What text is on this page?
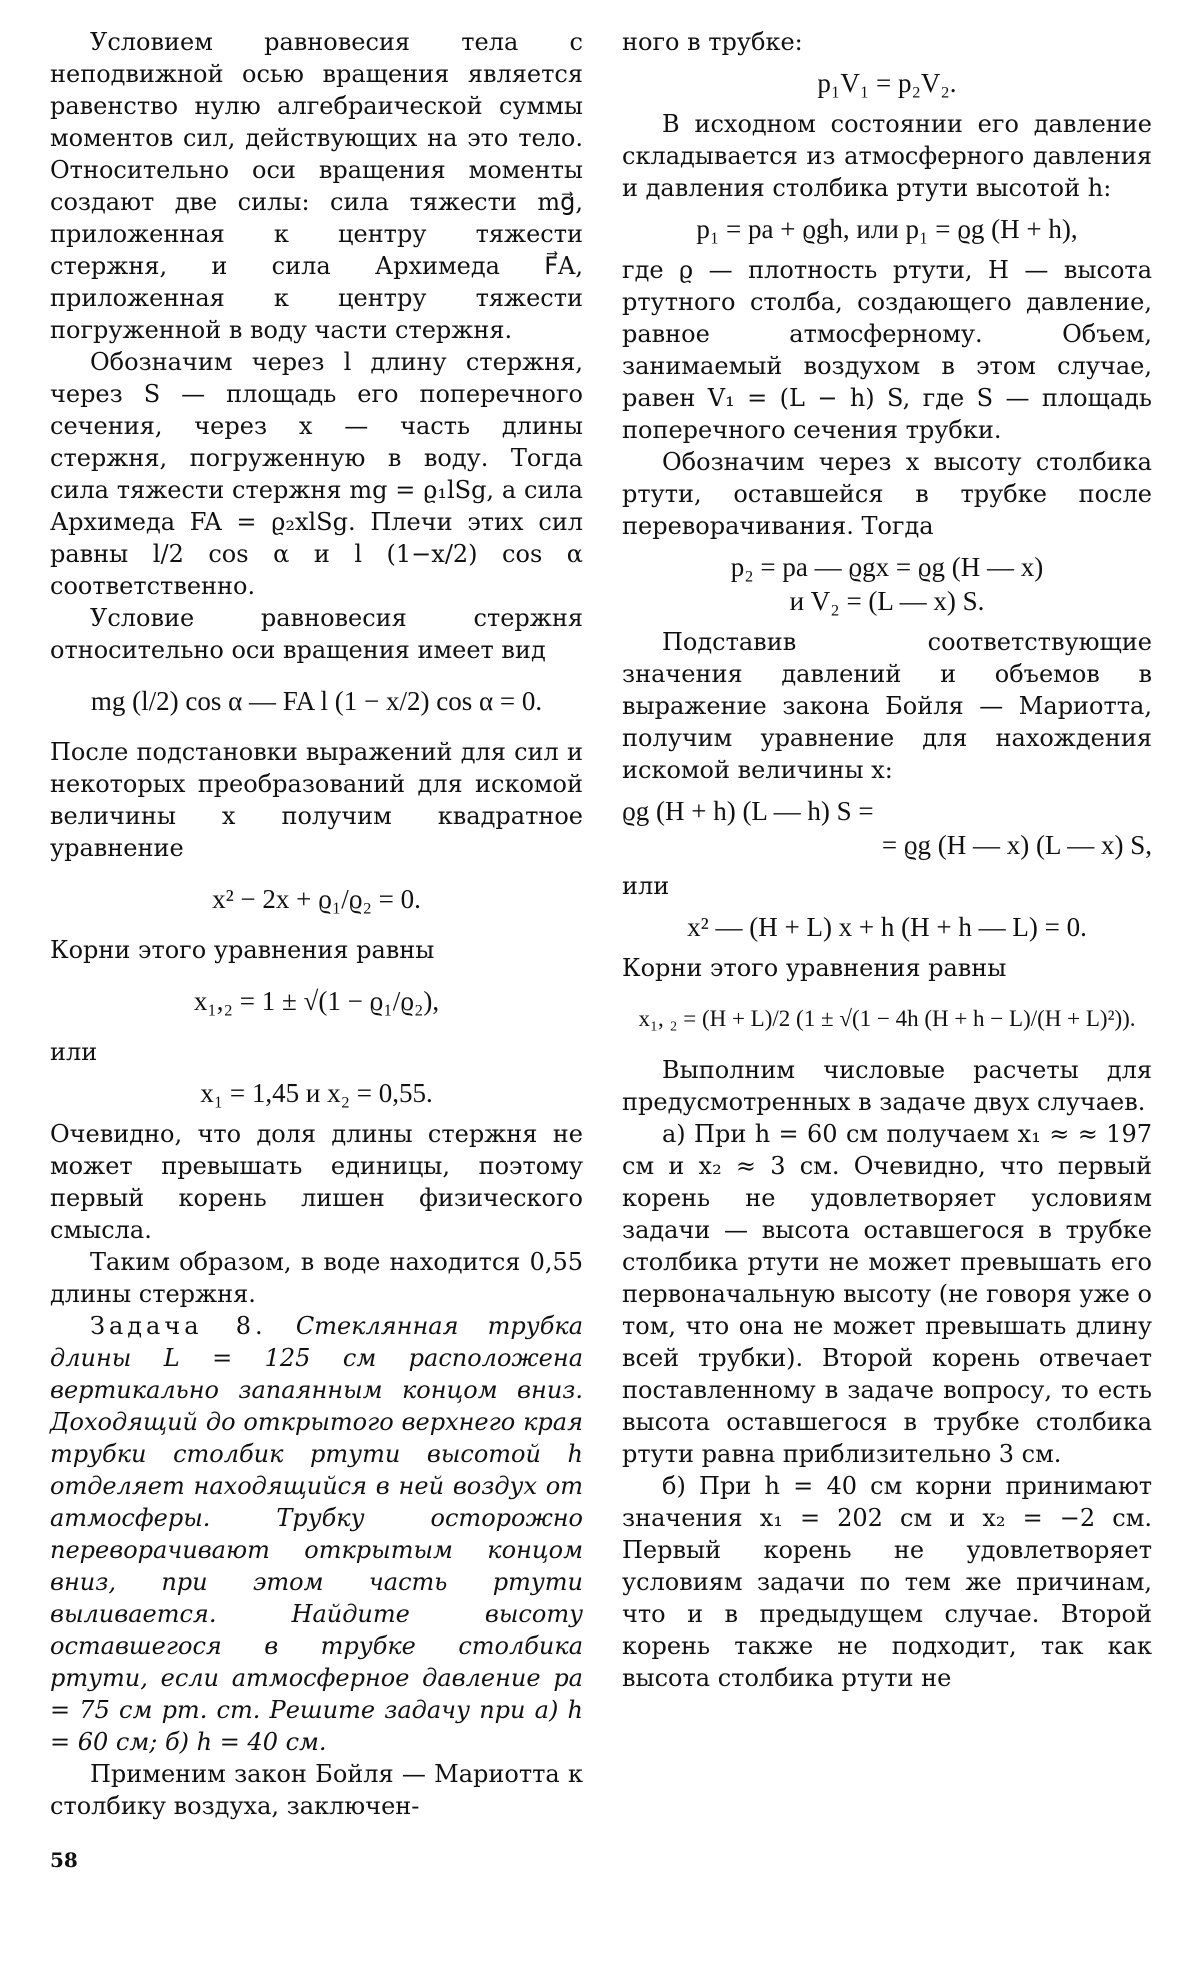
Условием равновесия тела с неподвижной осью вращения является равенство нулю алгебраической суммы моментов сил, действующих на это тело. Относительно оси вращения моменты создают две силы: сила тяжести mg⃗, приложенная к центру тяжести стержня, и сила Архимеда F⃗A, приложенная к центру тяжести погруженной в воду части стержня.

Обозначим через l длину стержня, через S — площадь его поперечного сечения, через x — часть длины стержня, погруженную в воду. Тогда сила тяжести стержня mg = ϱ₁lSg, а сила Архимеда FA = ϱ₂xlSg. Плечи этих сил равны l/2 cos α и l (1−x/2) cos α соответственно.

Условие равновесия стержня относительно оси вращения имеет вид

mg (l/2) cos α — FA l (1 − x/2) cos α = 0.

После подстановки выражений для сил и некоторых преобразований для искомой величины x получим квадратное уравнение

x² − 2x + ϱ₁/ϱ₂ = 0.

Корни этого уравнения равны

x₁,₂ = 1 ± √(1 − ϱ₁/ϱ₂),

или

x₁ = 1,45 и x₂ = 0,55.

Очевидно, что доля длины стержня не может превышать единицы, поэтому первый корень лишен физического смысла.

Таким образом, в воде находится 0,55 длины стержня.

Задача 8. Стеклянная трубка длины L = 125 см расположена вертикально запаянным концом вниз. Доходящий до открытого верхнего края трубки столбик ртути высотой h отделяет находящийся в ней воздух от атмосферы. Трубку осторожно переворачивают открытым концом вниз, при этом часть ртути выливается. Найдите высоту оставшегося в трубке столбика ртути, если атмосферное давление pа = 75 см рт. ст. Решите задачу при а) h = 60 см; б) h = 40 см.

Применим закон Бойля — Мариотта к столбику воздуха, заключен-

ного в трубке:

p₁V₁ = p₂V₂.

В исходном состоянии его давление складывается из атмосферного давления и давления столбика ртути высотой h:

p₁ = pа + ϱgh, или p₁ = ϱg (H + h),

где ϱ — плотность ртути, H — высота ртутного столба, создающего давление, равное атмосферному. Объем, занимаемый воздухом в этом случае, равен V₁ = (L − h) S, где S — площадь поперечного сечения трубки.

Обозначим через x высоту столбика ртути, оставшейся в трубке после переворачивания. Тогда

p₂ = pа — ϱgx = ϱg (H — x)
и V₂ = (L — x) S.

Подставив соответствующие значения давлений и объемов в выражение закона Бойля — Мариотта, получим уравнение для нахождения искомой величины x:

ϱg (H + h) (L — h) S =
= ϱg (H — x) (L — x) S,

или

x² — (H + L) x + h (H + h — L) = 0.

Корни этого уравнения равны

x₁, ₂ = (H + L)/2 (1 ± √(1 − 4h (H + h − L)/(H + L)²)).

Выполним числовые расчеты для предусмотренных в задаче двух случаев.

а) При h = 60 см получаем x₁ ≈ ≈ 197 см и x₂ ≈ 3 см. Очевидно, что первый корень не удовлетворяет условиям задачи — высота оставшегося в трубке столбика ртути не может превышать его первоначальную высоту (не говоря уже о том, что она не может превышать длину всей трубки). Второй корень отвечает поставленному в задаче вопросу, то есть высота оставшегося в трубке столбика ртути равна приблизительно 3 см.

б) При h = 40 см корни принимают значения x₁ = 202 см и x₂ = −2 см. Первый корень не удовлетворяет условиям задачи по тем же причинам, что и в предыдущем случае. Второй корень также не подходит, так как высота столбика ртути не

58
